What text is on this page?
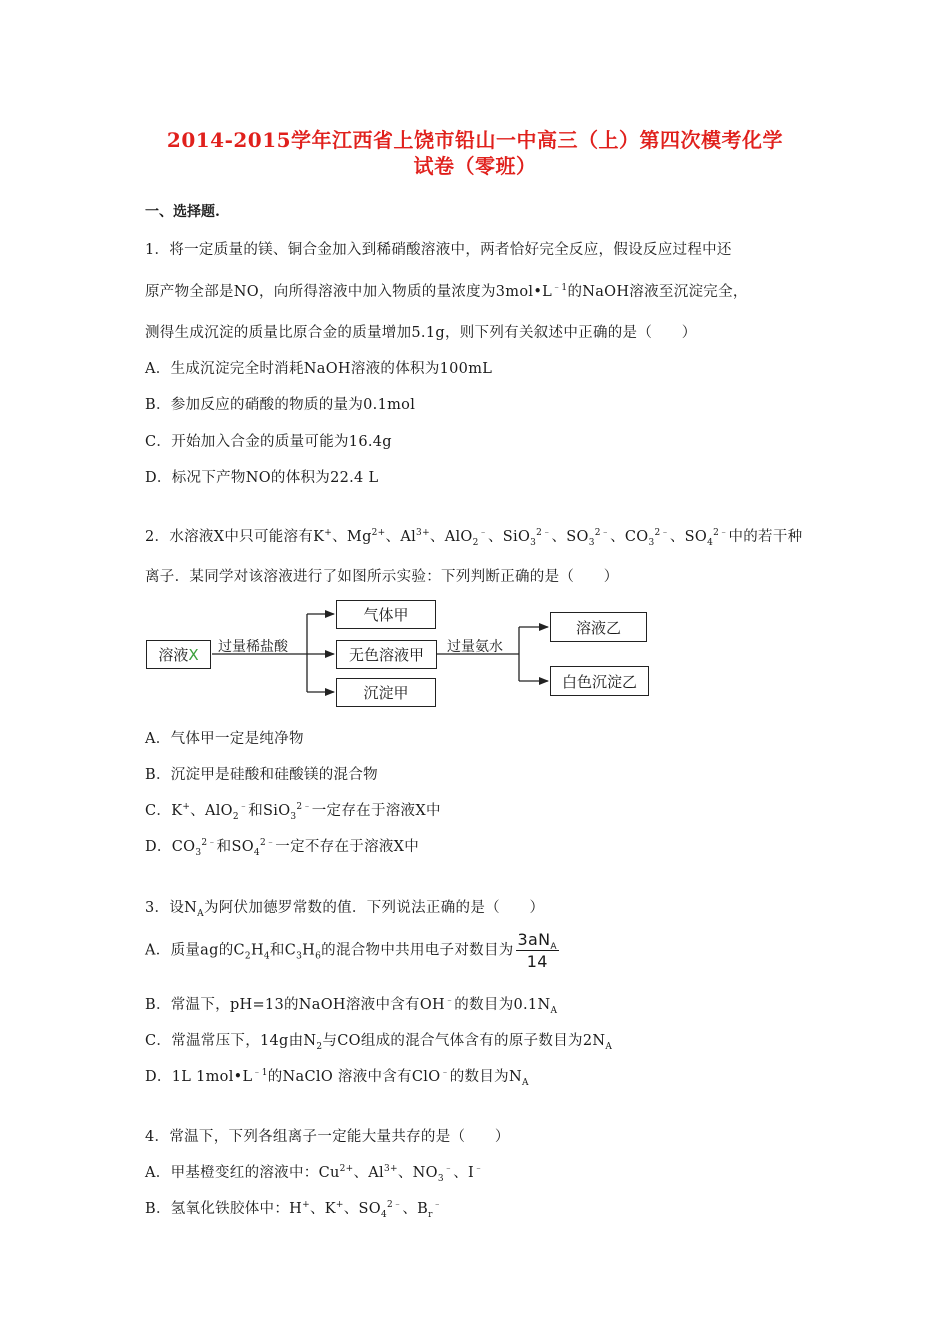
2014-2015学年江西省上饶市铅山一中高三（上）第四次模考化学
试卷（零班）
一、选择题.
1．将一定质量的镁、铜合金加入到稀硝酸溶液中，两者恰好完全反应，假设反应过程中还
原产物全部是NO，向所得溶液中加入物质的量浓度为$3mol•L^{﹣1}$的NaOH溶液至沉淀完全，
测得生成沉淀的质量比原合金的质量增加5.1g，则下列有关叙述中正确的是（　　）
A．生成沉淀完全时消耗NaOH溶液的体积为100mL
B．参加反应的硝酸的物质的量为0.1mol
C．开始加入合金的质量可能为16.4g
D．标况下产物NO的体积为22.4 L
2．水溶液X中只可能溶有K+、$Mg^{2+}$、$Al^{3+}$、AlO$_2$﹣、SiO$_3^{2﹣}$、$SO_3^{2﹣}$、$CO_3^{2﹣}$、$SO_4^{2﹣}$中的若干种
离子．某同学对该溶液进行了如图所示实验：下列判断正确的是（　　）
溶液 X 过量稀盐酸
气体甲
无色溶液甲
沉淀甲
过量氨水
溶液乙
白色沉淀乙
A．气体甲一定是纯净物
B．沉淀甲是硅酸和硅酸镁的混合物
C．K+、AlO$_2$﹣和SiO$_3^{2﹣}$一定存在于溶液X中
D．$CO_3^{2﹣}$和$SO_4^{2﹣}$一定不存在于溶液X中
3．设$N_A$为阿伏加德罗常数的值．下列说法正确的是（　　）
A．质量ag的$C_2H_4$和$C_3H_6$的混合物中共用电子对数目为 $\frac{3aN_A}{14}$
B．常温下，pH=13的NaOH溶液中含有OH﹣的数目为$0.1N_A$
C．常温常压下，14g由$N_2$与CO组成的混合气体含有的原子数目为$2N_A$
D．1L $1mol•L^{﹣1}$的NaClO 溶液中含有ClO﹣的数目为$N_A$
4．常温下，下列各组离子一定能大量共存的是（　　）
A．甲基橙变红的溶液中：$Cu^{2+}$、$Al^{3+}$、$NO_3^﹣$、I﹣
B．氢氧化铁胶体中：H+、K+、$SO_4^{2﹣}$、$B_r^﹣$
